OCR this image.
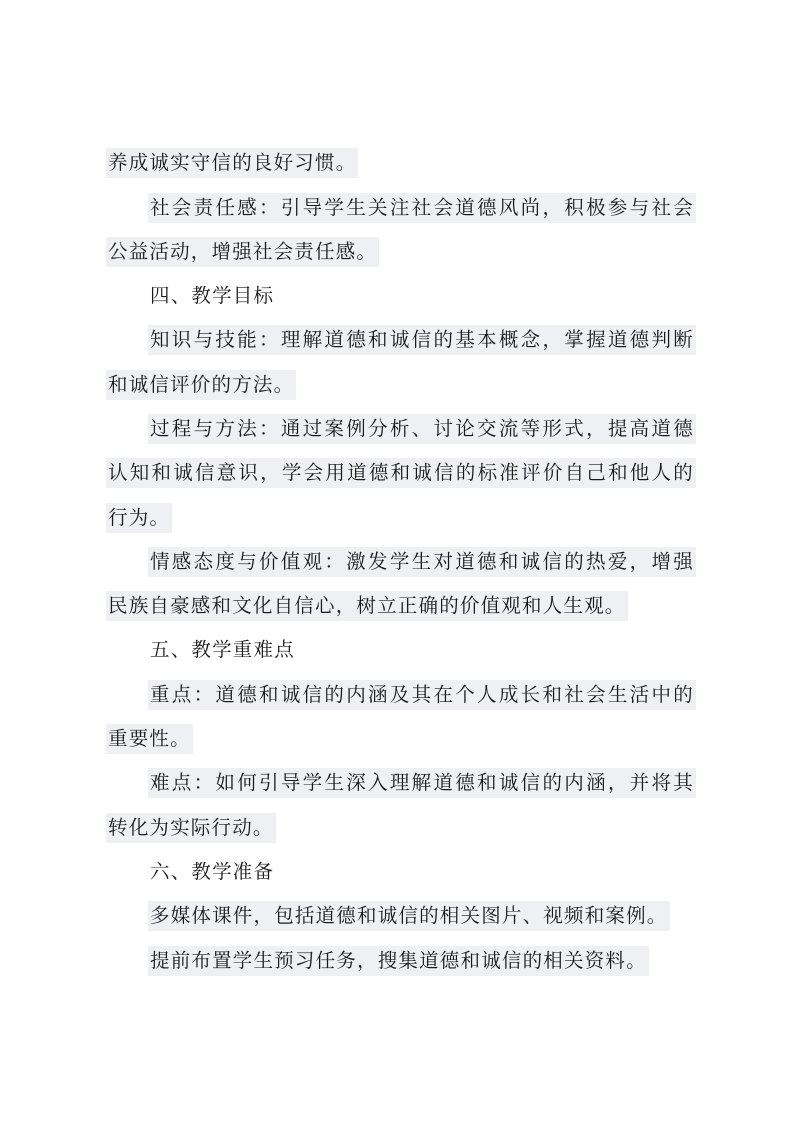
养成诚实守信的良好习惯。
社会责任感：引导学生关注社会道德风尚，积极参与社会
公益活动，增强社会责任感。
四、教学目标
知识与技能：理解道德和诚信的基本概念，掌握道德判断
和诚信评价的方法。
过程与方法：通过案例分析、讨论交流等形式，提高道德
认知和诚信意识，学会用道德和诚信的标准评价自己和他人的
行为。
情感态度与价值观：激发学生对道德和诚信的热爱，增强
民族自豪感和文化自信心，树立正确的价值观和人生观。
五、教学重难点
重点：道德和诚信的内涵及其在个人成长和社会生活中的
重要性。
难点：如何引导学生深入理解道德和诚信的内涵，并将其
转化为实际行动。
六、教学准备
多媒体课件，包括道德和诚信的相关图片、视频和案例。
提前布置学生预习任务，搜集道德和诚信的相关资料。
